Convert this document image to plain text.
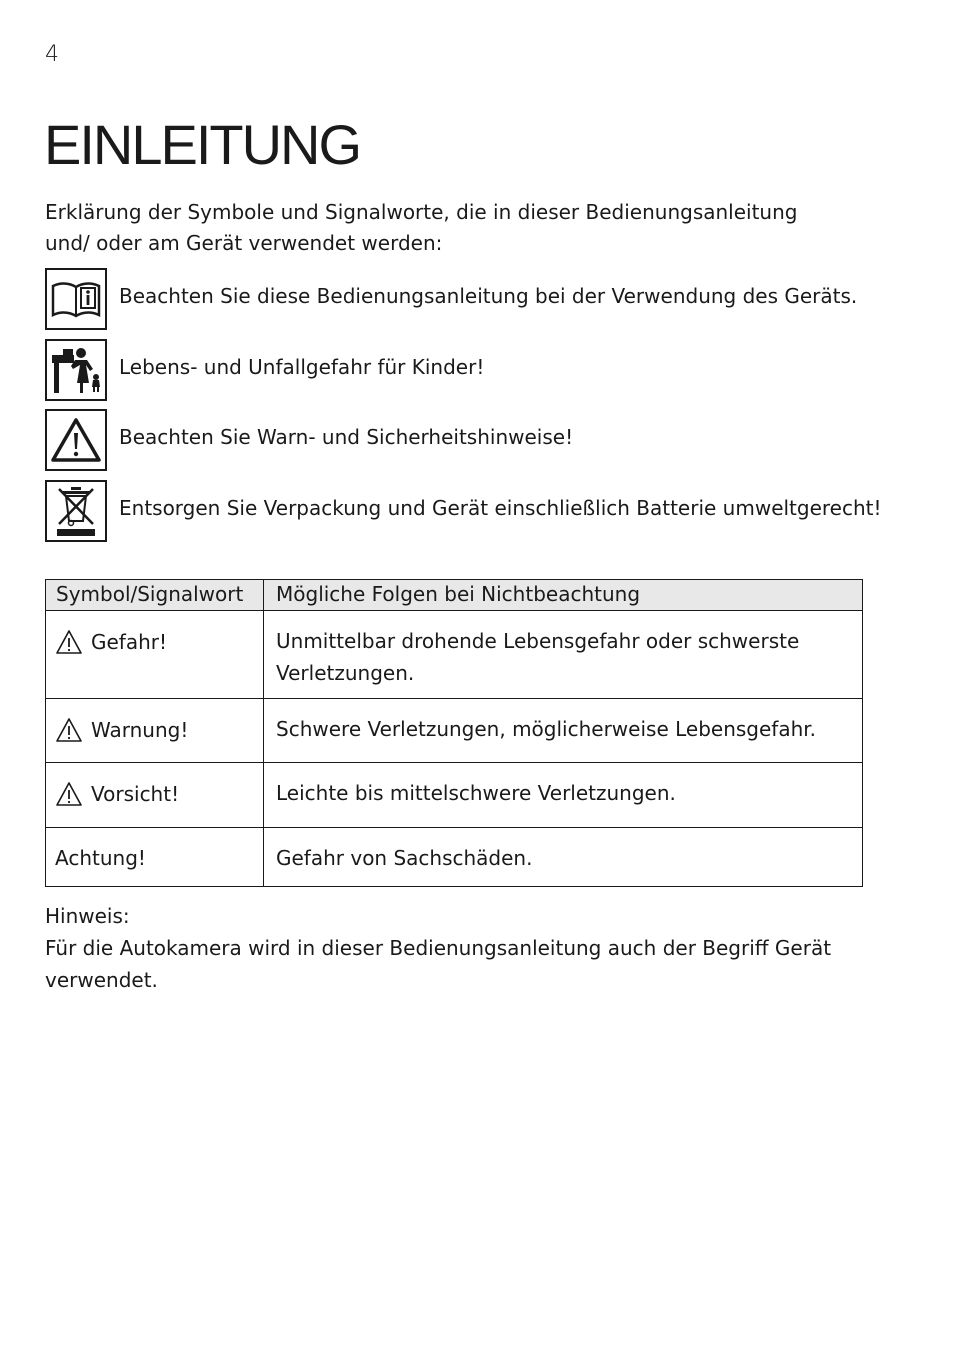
4
EINLEITUNG

Erklärung der Symbole und Signalworte, die in dieser Bedienungsanleitung und/ oder am Gerät verwendet werden:

Beachten Sie diese Bedienungsanleitung bei der Verwendung des Geräts.
Lebens- und Unfallgefahr für Kinder!
Beachten Sie Warn- und Sicherheitshinweise!
Entsorgen Sie Verpackung und Gerät einschließlich Batterie umweltgerecht!
Symbol/Signalwort	Mögliche Folgen bei Nichtbeachtung

Gefahr!	Unmittelbar drohende Lebensgefahr oder schwerste Verletzungen.

Warnung!	Schwere Verletzungen, möglicherweise Lebensgefahr.

Vorsicht!	Leichte bis mittelschwere Verletzungen.
Achtung!	Gefahr von Sachschäden.
Hinweis:
Für die Autokamera wird in dieser Bedienungsanleitung auch der Begriff Gerät verwendet.
